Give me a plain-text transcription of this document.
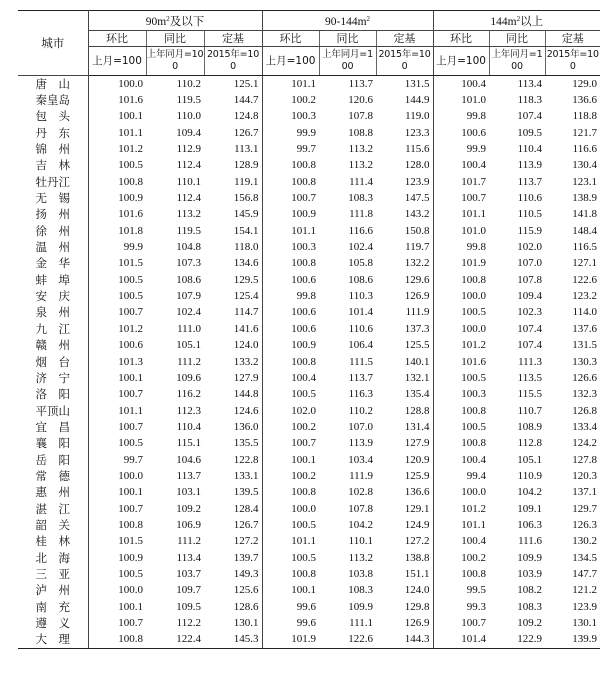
城市	$90m^2$及以下			$90-144m^2$			$144m^2$以上		
	环比	同比	定基	环比	同比	定基	环比	同比	定基
	上月=100	上年同月=100	2015年=100	上月=100	上年同月=100	2015年=100	上月=100	上年同月=100	2015年=100
唐　山	100.0	110.2	125.1	101.1	113.7	131.5	100.4	113.4	129.0
秦皇岛	101.6	119.5	144.7	100.2	120.6	144.9	101.0	118.3	136.6
包　头	100.1	110.0	124.8	100.3	107.8	119.0	99.8	107.4	118.8
丹　东	101.1	109.4	126.7	99.9	108.8	123.3	100.6	109.5	121.7
锦　州	101.2	112.9	113.1	99.7	113.2	115.6	99.9	110.4	116.6
吉　林	100.5	112.4	128.9	100.8	113.2	128.0	100.4	113.9	130.4
牡丹江	100.8	110.1	119.1	100.8	111.4	123.9	101.7	113.7	123.1
无　锡	100.9	112.4	156.8	100.7	108.3	147.5	100.7	110.6	138.9
扬　州	101.6	113.2	145.9	100.9	111.8	143.2	101.1	110.5	141.8
徐　州	101.8	119.5	154.1	101.1	116.6	150.8	101.0	115.9	148.4
温　州	99.9	104.8	118.0	100.3	102.4	119.7	99.8	102.0	116.5
金　华	101.5	107.3	134.6	100.8	105.8	132.2	101.9	107.0	127.1
蚌　埠	100.5	108.6	129.5	100.6	108.6	129.6	100.8	107.8	122.6
安　庆	100.5	107.9	125.4	99.8	110.3	126.9	100.0	109.4	123.2
泉　州	100.7	102.4	114.7	100.6	101.4	111.9	100.5	102.3	114.0
九　江	101.2	111.0	141.6	100.6	110.6	137.3	100.0	107.4	137.6
赣　州	100.6	105.1	124.0	100.9	106.4	125.5	101.2	107.4	131.5
烟　台	101.3	111.2	133.2	100.8	111.5	140.1	101.6	111.3	130.3
济　宁	100.1	109.6	127.9	100.4	113.7	132.1	100.5	113.5	126.6
洛　阳	100.7	116.2	144.8	100.5	116.3	135.4	100.3	115.5	132.3
平顶山	101.1	112.3	124.6	102.0	110.2	128.8	100.8	110.7	126.8
宜　昌	100.7	110.4	136.0	100.2	107.0	131.4	100.5	108.9	133.4
襄　阳	100.5	115.1	135.5	100.7	113.9	127.9	100.8	112.8	124.2
岳　阳	99.7	104.6	122.8	100.1	103.4	120.9	100.4	105.1	127.8
常　德	100.0	113.7	133.1	100.2	111.9	125.9	99.4	110.9	120.3
惠　州	100.1	103.1	139.5	100.8	102.8	136.6	100.0	104.2	137.1
湛　江	100.7	109.2	128.4	100.0	107.8	129.1	101.2	109.1	129.7
韶　关	100.8	106.9	126.7	100.5	104.2	124.9	101.1	106.3	126.3
桂　林	101.5	111.2	127.2	101.1	110.1	127.2	100.4	111.6	130.2
北　海	100.9	113.4	139.7	100.5	113.2	138.8	100.2	109.9	134.5
三　亚	100.5	103.7	149.3	100.8	103.8	151.1	100.8	103.9	147.7
泸　州	100.0	109.7	125.6	100.1	108.3	124.0	99.5	108.2	121.2
南　充	100.1	109.5	128.6	99.6	109.9	129.8	99.3	108.3	123.9
遵　义	100.7	112.2	130.1	99.6	111.1	126.9	100.7	109.2	130.1
大　理	100.8	122.4	145.3	101.9	122.6	144.3	101.4	122.9	139.9
